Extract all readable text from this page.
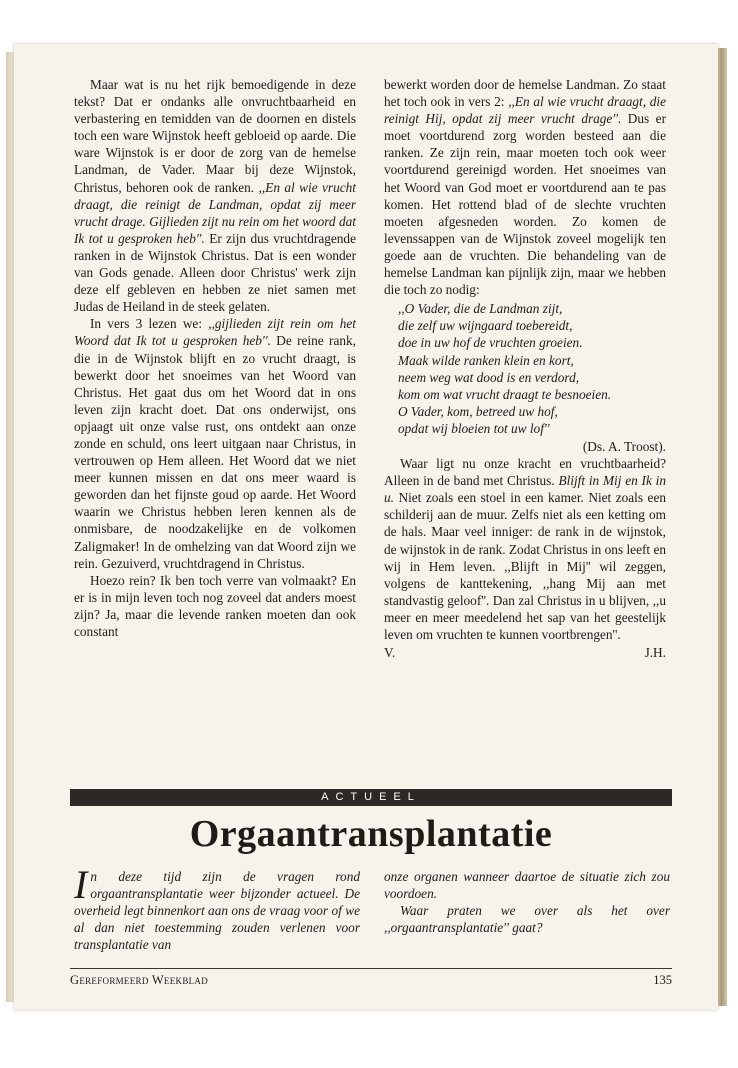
Maar wat is nu het rijk bemoedigende in deze tekst? Dat er ondanks alle onvruchtbaarheid en verbastering en temidden van de doornen en distels toch een ware Wijnstok heeft gebloeid op aarde. Die ware Wijnstok is er door de zorg van de hemelse Landman, de Vader. Maar bij deze Wijnstok, Christus, behoren ook de ranken. ,,En al wie vrucht draagt, die reinigt de Landman, opdat zij meer vrucht drage. Gijlieden zijt nu rein om het woord dat Ik tot u gesproken heb''. Er zijn dus vruchtdragende ranken in de Wijnstok Christus. Dat is een wonder van Gods genade. Alleen door Christus' werk zijn deze elf gebleven en hebben ze niet samen met Judas de Heiland in de steek gelaten.

In vers 3 lezen we: ,,gijlieden zijt rein om het Woord dat Ik tot u gesproken heb''. De reine rank, die in de Wijnstok blijft en zo vrucht draagt, is bewerkt door het snoeimes van het Woord van Christus. Het gaat dus om het Woord dat in ons leven zijn kracht doet. Dat ons onderwijst, ons opjaagt uit onze valse rust, ons ontdekt aan onze zonde en schuld, ons leert uitgaan naar Christus, in vertrouwen op Hem alleen. Het Woord dat we niet meer kunnen missen en dat ons meer waard is geworden dan het fijnste goud op aarde. Het Woord waarin we Christus hebben leren kennen als de onmisbare, de noodzakelijke en de volkomen Zaligmaker! In de omhelzing van dat Woord zijn we rein. Gezuiverd, vruchtdragend in Christus.

Hoezo rein? Ik ben toch verre van volmaakt? En er is in mijn leven toch nog zoveel dat anders moest zijn? Ja, maar die levende ranken moeten dan ook constant

bewerkt worden door de hemelse Landman. Zo staat het toch ook in vers 2: ,,En al wie vrucht draagt, die reinigt Hij, opdat zij meer vrucht drage''. Dus er moet voortdurend zorg worden besteed aan die ranken. Ze zijn rein, maar moeten toch ook weer voortdurend gereinigd worden. Het snoeimes van het Woord van God moet er voortdurend aan te pas komen. Het rottend blad of de slechte vruchten moeten afgesneden worden. Zo komen de levenssappen van de Wijnstok zoveel mogelijk ten goede aan de vruchten. Die behandeling van de hemelse Landman kan pijnlijk zijn, maar we hebben die toch zo nodig:

,,O Vader, die de Landman zijt,
die zelf uw wijngaard toebereidt,
doe in uw hof de vruchten groeien.
Maak wilde ranken klein en kort,
neem weg wat dood is en verdord,
kom om wat vrucht draagt te besnoeien.
O Vader, kom, betreed uw hof,
opdat wij bloeien tot uw lof''
(Ds. A. Troost).

Waar ligt nu onze kracht en vruchtbaarheid? Alleen in de band met Christus. Blijft in Mij en Ik in u. Niet zoals een stoel in een kamer. Niet zoals een schilderij aan de muur. Zelfs niet als een ketting om de hals. Maar veel inniger: de rank in de wijnstok, de wijnstok in de rank. Zodat Christus in ons leeft en wij in Hem leven. ,,Blijft in Mij'' wil zeggen, volgens de kanttekening, ,,hang Mij aan met standvastig geloof''. Dan zal Christus in u blijven, ,,u meer en meer meedelend het sap van het geestelijk leven om vruchten te kunnen voortbrengen''.

V.	J.H.
ACTUEEL
Orgaantransplantatie

In deze tijd zijn de vragen rond orgaantransplantatie weer bijzonder actueel. De overheid legt binnenkort aan ons de vraag voor of we al dan niet toestemming zouden verlenen voor transplantatie van

onze organen wanneer daartoe de situatie zich zou voordoen.

Waar praten we over als het over ,,orgaantransplantatie'' gaat?

Gereformeerd Weekblad	135
